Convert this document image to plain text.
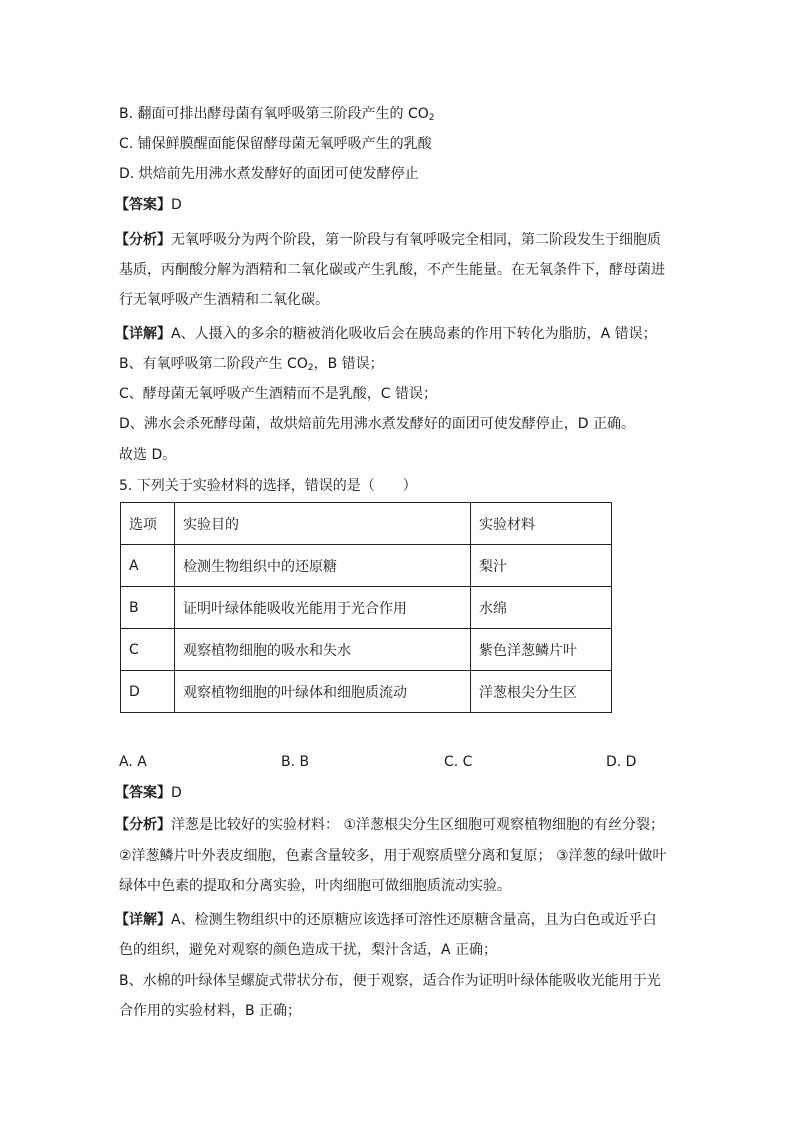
B. 翻面可排出酵母菌有氧呼吸第三阶段产生的 $CO_2$
C. 铺保鲜膜醒面能保留酵母菌无氧呼吸产生的乳酸
D. 烘焙前先用沸水煮发酵好的面团可使发酵停止
【答案】D
【分析】无氧呼吸分为两个阶段，第一阶段与有氧呼吸完全相同，第二阶段发生于细胞质
基质，丙酮酸分解为酒精和二氧化碳或产生乳酸，不产生能量。在无氧条件下，酵母菌进
行无氧呼吸产生酒精和二氧化碳。
【详解】A、人摄入的多余的糖被消化吸收后会在胰岛素的作用下转化为脂肪，A 错误；
B、有氧呼吸第二阶段产生 $CO_2$，B 错误；
C、酵母菌无氧呼吸产生酒精而不是乳酸，C 错误；
D、沸水会杀死酵母菌，故烘焙前先用沸水煮发酵好的面团可使发酵停止，D 正确。
故选 D。
5. 下列关于实验材料的选择，错误的是（　　）
选项	实验目的	实验材料
A	检测生物组织中的还原糖	梨汁
B	证明叶绿体能吸收光能用于光合作用	水绵
C	观察植物细胞的吸水和失水	紫色洋葱鳞片叶
D	观察植物细胞的叶绿体和细胞质流动	洋葱根尖分生区
A. A	B. B	C. C	D. D
【答案】D
【分析】洋葱是比较好的实验材料： ①洋葱根尖分生区细胞可观察植物细胞的有丝分裂；
②洋葱鳞片叶外表皮细胞，色素含量较多，用于观察质壁分离和复原； ③洋葱的绿叶做叶
绿体中色素的提取和分离实验，叶肉细胞可做细胞质流动实验。
【详解】A、检测生物组织中的还原糖应该选择可溶性还原糖含量高，且为白色或近乎白
色的组织，避免对观察的颜色造成干扰，梨汁含适，A 正确；
B、水棉的叶绿体呈螺旋式带状分布，便于观察，适合作为证明叶绿体能吸收光能用于光
合作用的实验材料，B 正确；
